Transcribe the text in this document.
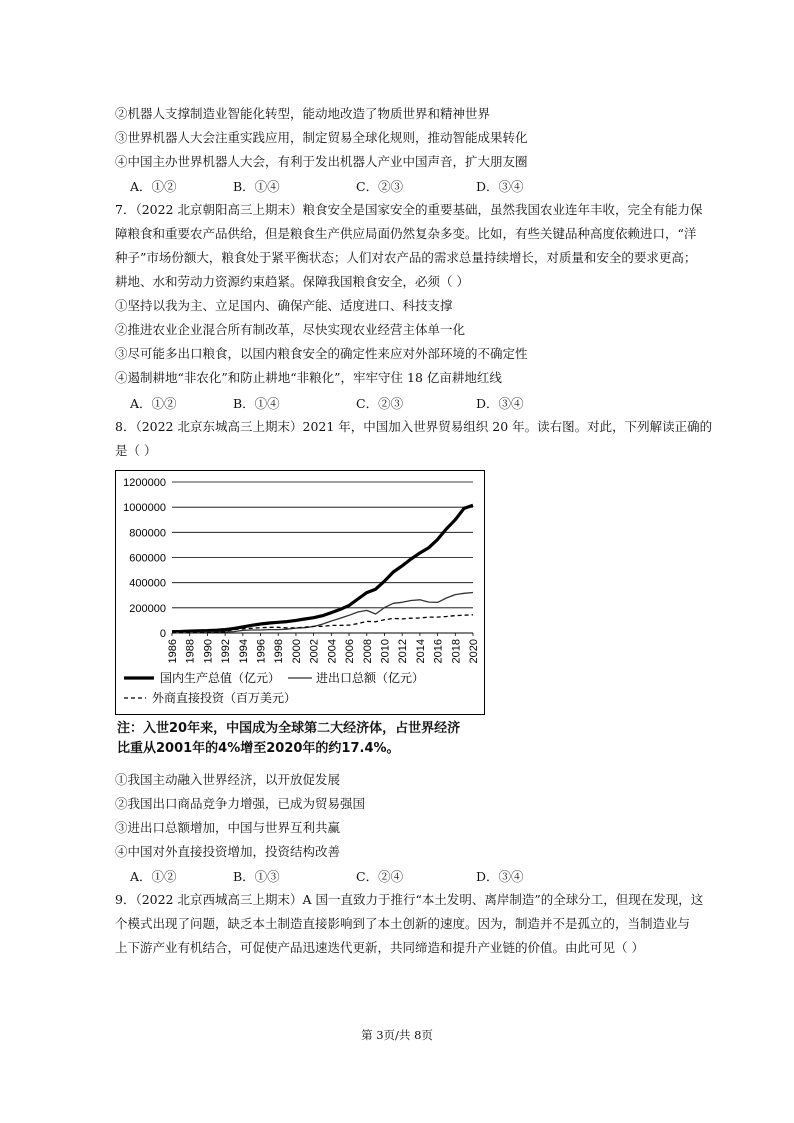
②机器人支撑制造业智能化转型，能动地改造了物质世界和精神世界
③世界机器人大会注重实践应用，制定贸易全球化规则，推动智能成果转化
④中国主办世界机器人大会，有利于发出机器人产业中国声音，扩大朋友圈
A．①②	B．①④	C．②③	D．③④
7．（2022 北京朝阳高三上期末）粮食安全是国家安全的重要基础，虽然我国农业连年丰收，完全有能力保
障粮食和重要农产品供给，但是粮食生产供应局面仍然复杂多变。比如，有些关键品种高度依赖进口，“洋
种子”市场份额大，粮食处于紧平衡状态；人们对农产品的需求总量持续增长，对质量和安全的要求更高；
耕地、水和劳动力资源约束趋紧。保障我国粮食安全，必须（ ）
①坚持以我为主、立足国内、确保产能、适度进口、科技支撑
②推进农业企业混合所有制改革，尽快实现农业经营主体单一化
③尽可能多出口粮食，以国内粮食安全的确定性来应对外部环境的不确定性
④遏制耕地“非农化”和防止耕地“非粮化”，牢牢守住 18 亿亩耕地红线
A．①②	B．①④	C．②③	D．③④
8．（2022 北京东城高三上期末）2021 年，中国加入世界贸易组织 20 年。读右图。对此，下列解读正确的
是（ ）
0
200000
400000
600000
800000
1000000
1200000
1986 1988 1990 1992 1994 1996 1998 2000 2002 2004 2006 2008 2010 2012 2014 2016 2018 2020
国内生产总值（亿元）	进出口总额（亿元）
外商直接投资（百万美元）
注：入世20年来，中国成为全球第二大经济体，占世界经济
比重从2001年的4%增至2020年的约17.4%。
①我国主动融入世界经济，以开放促发展
②我国出口商品竞争力增强，已成为贸易强国
③进出口总额增加，中国与世界互利共赢
④中国对外直接投资增加，投资结构改善
A．①②	B．①③	C．②④	D．③④
9．（2022 北京西城高三上期末）A 国一直致力于推行“本土发明、离岸制造”的全球分工，但现在发现，这
个模式出现了问题，缺乏本土制造直接影响到了本土创新的速度。因为，制造并不是孤立的，当制造业与
上下游产业有机结合，可促使产品迅速迭代更新，共同缔造和提升产业链的价值。由此可见（ ）
第 3页/共 8页
